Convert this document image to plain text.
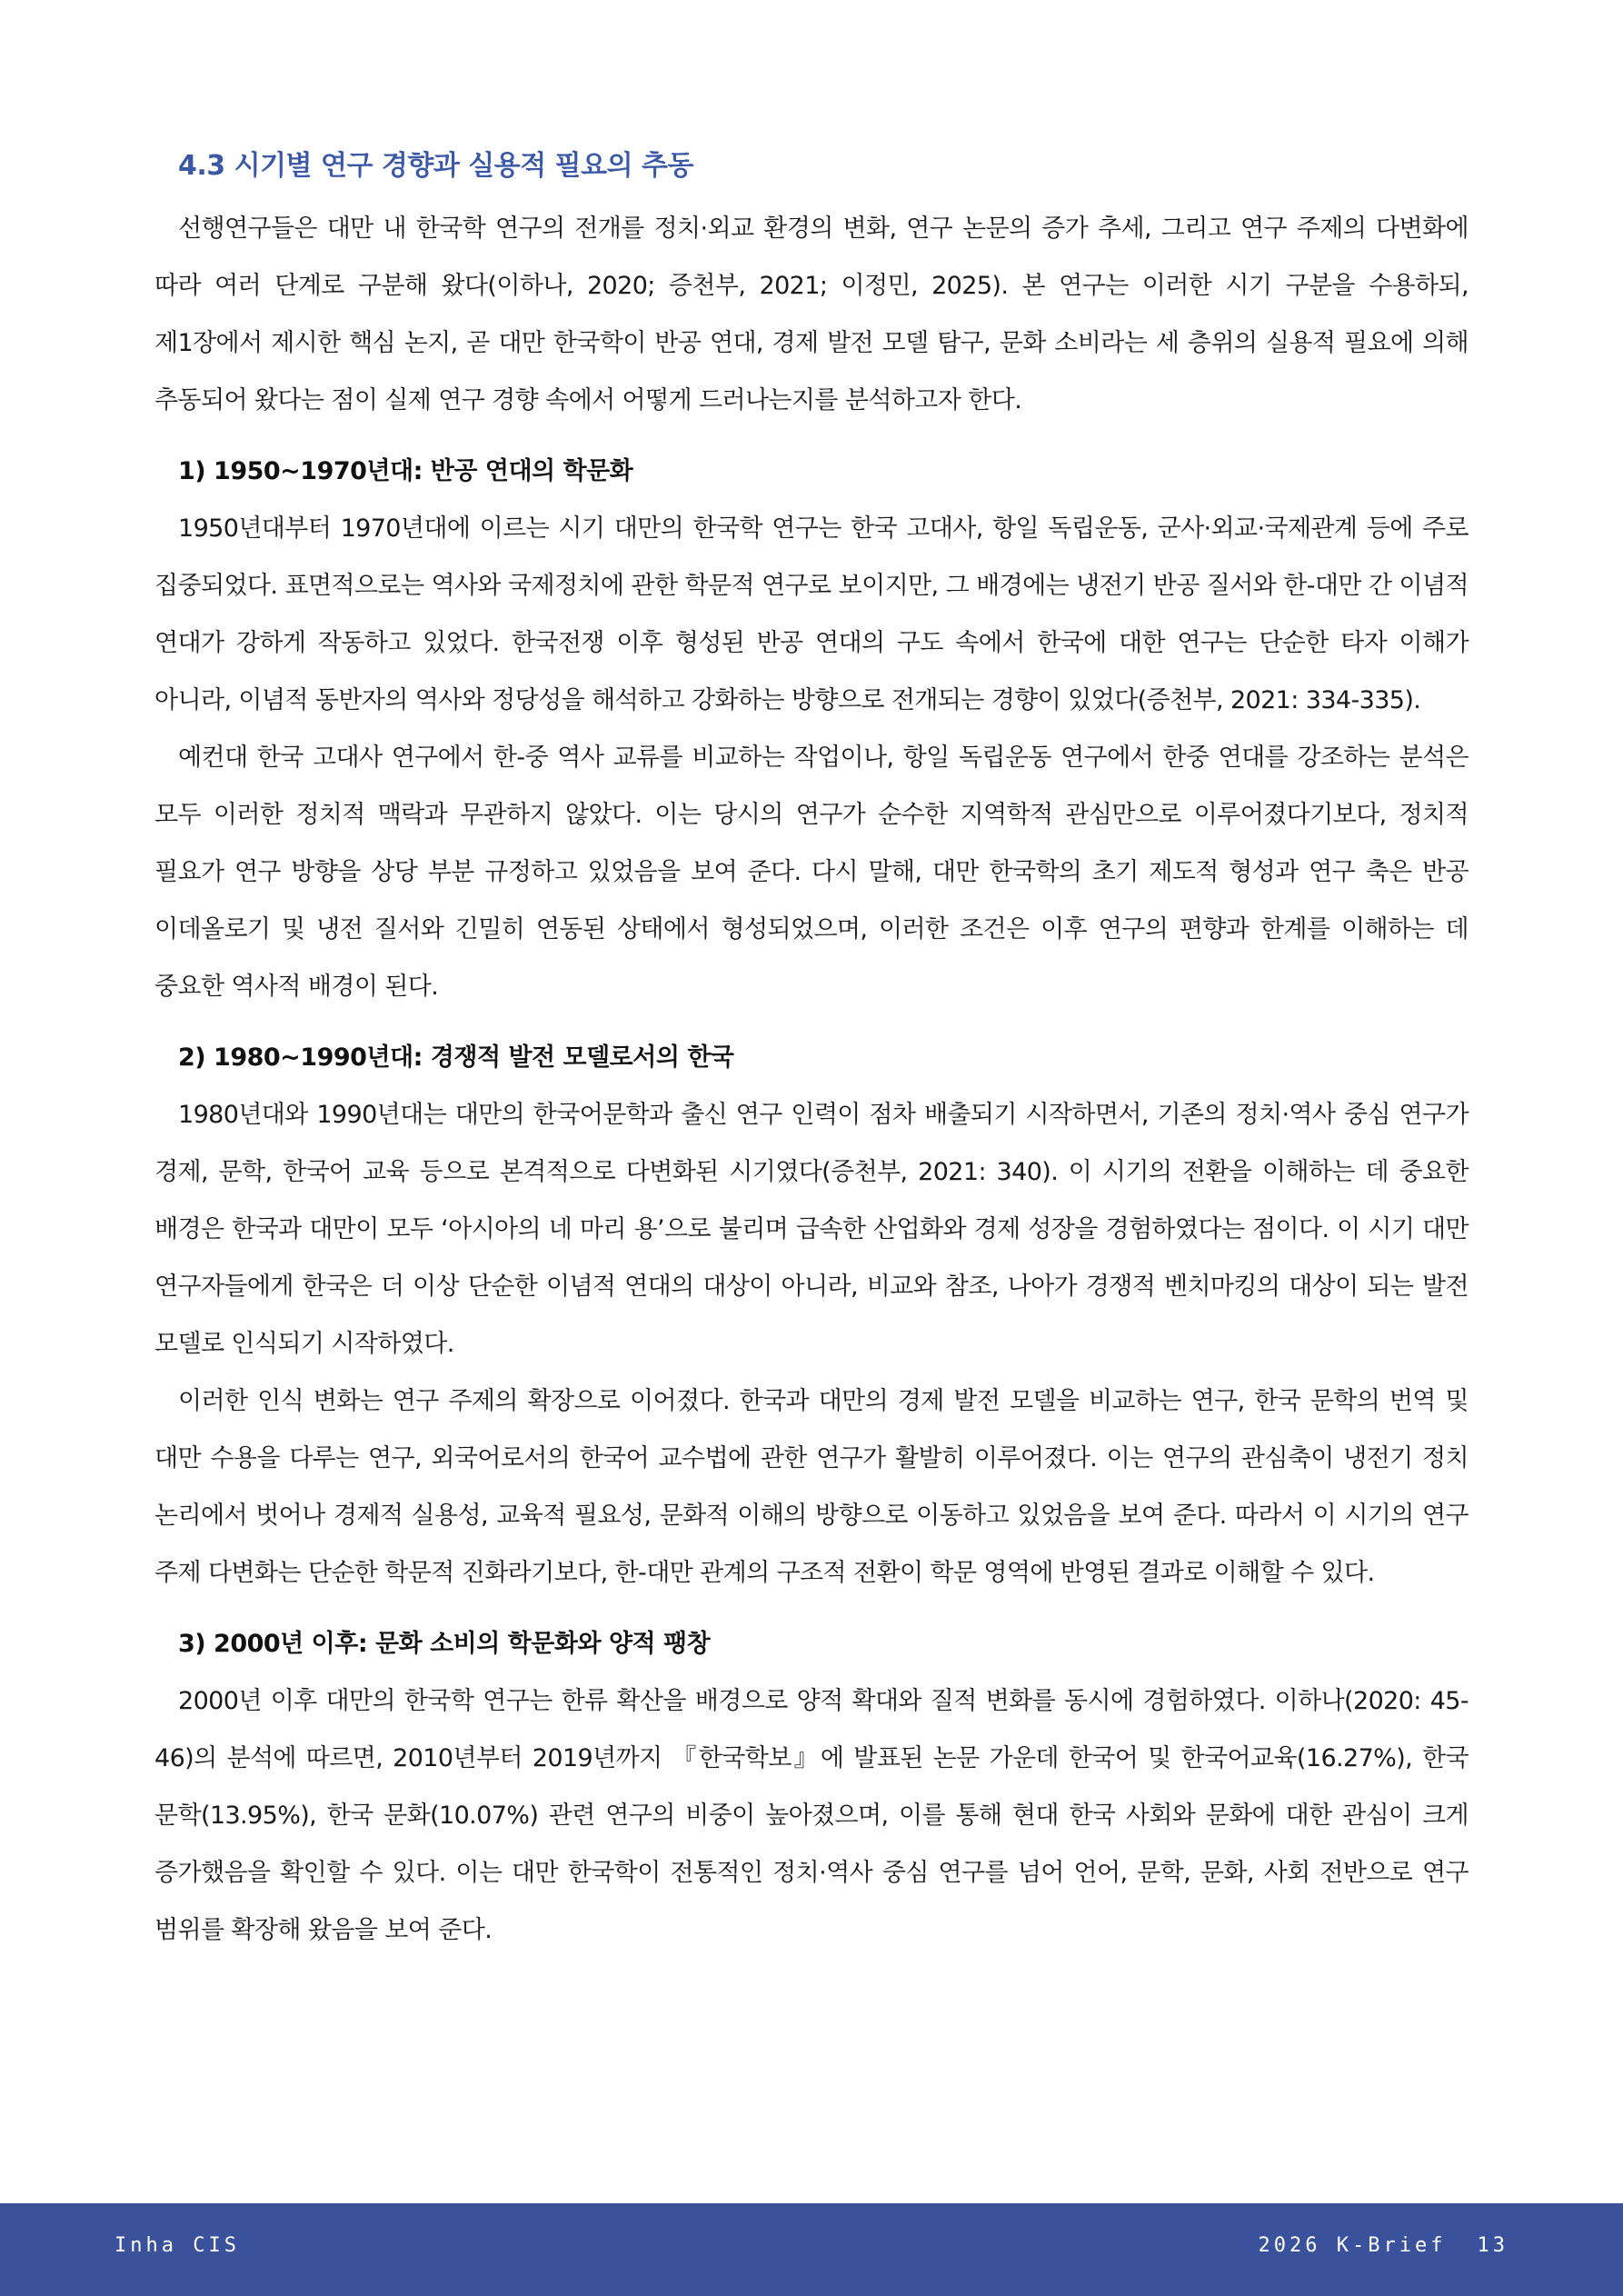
4.3 시기별 연구 경향과 실용적 필요의 추동

선행연구들은 대만 내 한국학 연구의 전개를 정치·외교 환경의 변화, 연구 논문의 증가 추세, 그리고 연구 주제의 다변화에 따라 여러 단계로 구분해 왔다(이하나, 2020; 증천부, 2021; 이정민, 2025). 본 연구는 이러한 시기 구분을 수용하되, 제1장에서 제시한 핵심 논지, 곧 대만 한국학이 반공 연대, 경제 발전 모델 탐구, 문화 소비라는 세 층위의 실용적 필요에 의해 추동되어 왔다는 점이 실제 연구 경향 속에서 어떻게 드러나는지를 분석하고자 한다.

1) 1950~1970년대: 반공 연대의 학문화

1950년대부터 1970년대에 이르는 시기 대만의 한국학 연구는 한국 고대사, 항일 독립운동, 군사·외교·국제관계 등에 주로 집중되었다. 표면적으로는 역사와 국제정치에 관한 학문적 연구로 보이지만, 그 배경에는 냉전기 반공 질서와 한-대만 간 이념적 연대가 강하게 작동하고 있었다. 한국전쟁 이후 형성된 반공 연대의 구도 속에서 한국에 대한 연구는 단순한 타자 이해가 아니라, 이념적 동반자의 역사와 정당성을 해석하고 강화하는 방향으로 전개되는 경향이 있었다(증천부, 2021: 334-335).

예컨대 한국 고대사 연구에서 한-중 역사 교류를 비교하는 작업이나, 항일 독립운동 연구에서 한중 연대를 강조하는 분석은 모두 이러한 정치적 맥락과 무관하지 않았다. 이는 당시의 연구가 순수한 지역학적 관심만으로 이루어졌다기보다, 정치적 필요가 연구 방향을 상당 부분 규정하고 있었음을 보여 준다. 다시 말해, 대만 한국학의 초기 제도적 형성과 연구 축은 반공 이데올로기 및 냉전 질서와 긴밀히 연동된 상태에서 형성되었으며, 이러한 조건은 이후 연구의 편향과 한계를 이해하는 데 중요한 역사적 배경이 된다.

2) 1980~1990년대: 경쟁적 발전 모델로서의 한국

1980년대와 1990년대는 대만의 한국어문학과 출신 연구 인력이 점차 배출되기 시작하면서, 기존의 정치·역사 중심 연구가 경제, 문학, 한국어 교육 등으로 본격적으로 다변화된 시기였다(증천부, 2021: 340). 이 시기의 전환을 이해하는 데 중요한 배경은 한국과 대만이 모두 ‘아시아의 네 마리 용’으로 불리며 급속한 산업화와 경제 성장을 경험하였다는 점이다. 이 시기 대만 연구자들에게 한국은 더 이상 단순한 이념적 연대의 대상이 아니라, 비교와 참조, 나아가 경쟁적 벤치마킹의 대상이 되는 발전 모델로 인식되기 시작하였다.

이러한 인식 변화는 연구 주제의 확장으로 이어졌다. 한국과 대만의 경제 발전 모델을 비교하는 연구, 한국 문학의 번역 및 대만 수용을 다루는 연구, 외국어로서의 한국어 교수법에 관한 연구가 활발히 이루어졌다. 이는 연구의 관심축이 냉전기 정치 논리에서 벗어나 경제적 실용성, 교육적 필요성, 문화적 이해의 방향으로 이동하고 있었음을 보여 준다. 따라서 이 시기의 연구 주제 다변화는 단순한 학문적 진화라기보다, 한-대만 관계의 구조적 전환이 학문 영역에 반영된 결과로 이해할 수 있다.

3) 2000년 이후: 문화 소비의 학문화와 양적 팽창

2000년 이후 대만의 한국학 연구는 한류 확산을 배경으로 양적 확대와 질적 변화를 동시에 경험하였다. 이하나(2020: 45-46)의 분석에 따르면, 2010년부터 2019년까지 『한국학보』에 발표된 논문 가운데 한국어 및 한국어교육(16.27%), 한국 문학(13.95%), 한국 문화(10.07%) 관련 연구의 비중이 높아졌으며, 이를 통해 현대 한국 사회와 문화에 대한 관심이 크게 증가했음을 확인할 수 있다. 이는 대만 한국학이 전통적인 정치·역사 중심 연구를 넘어 언어, 문학, 문화, 사회 전반으로 연구 범위를 확장해 왔음을 보여 준다.

Inha CIS	2026 K-Brief 13
